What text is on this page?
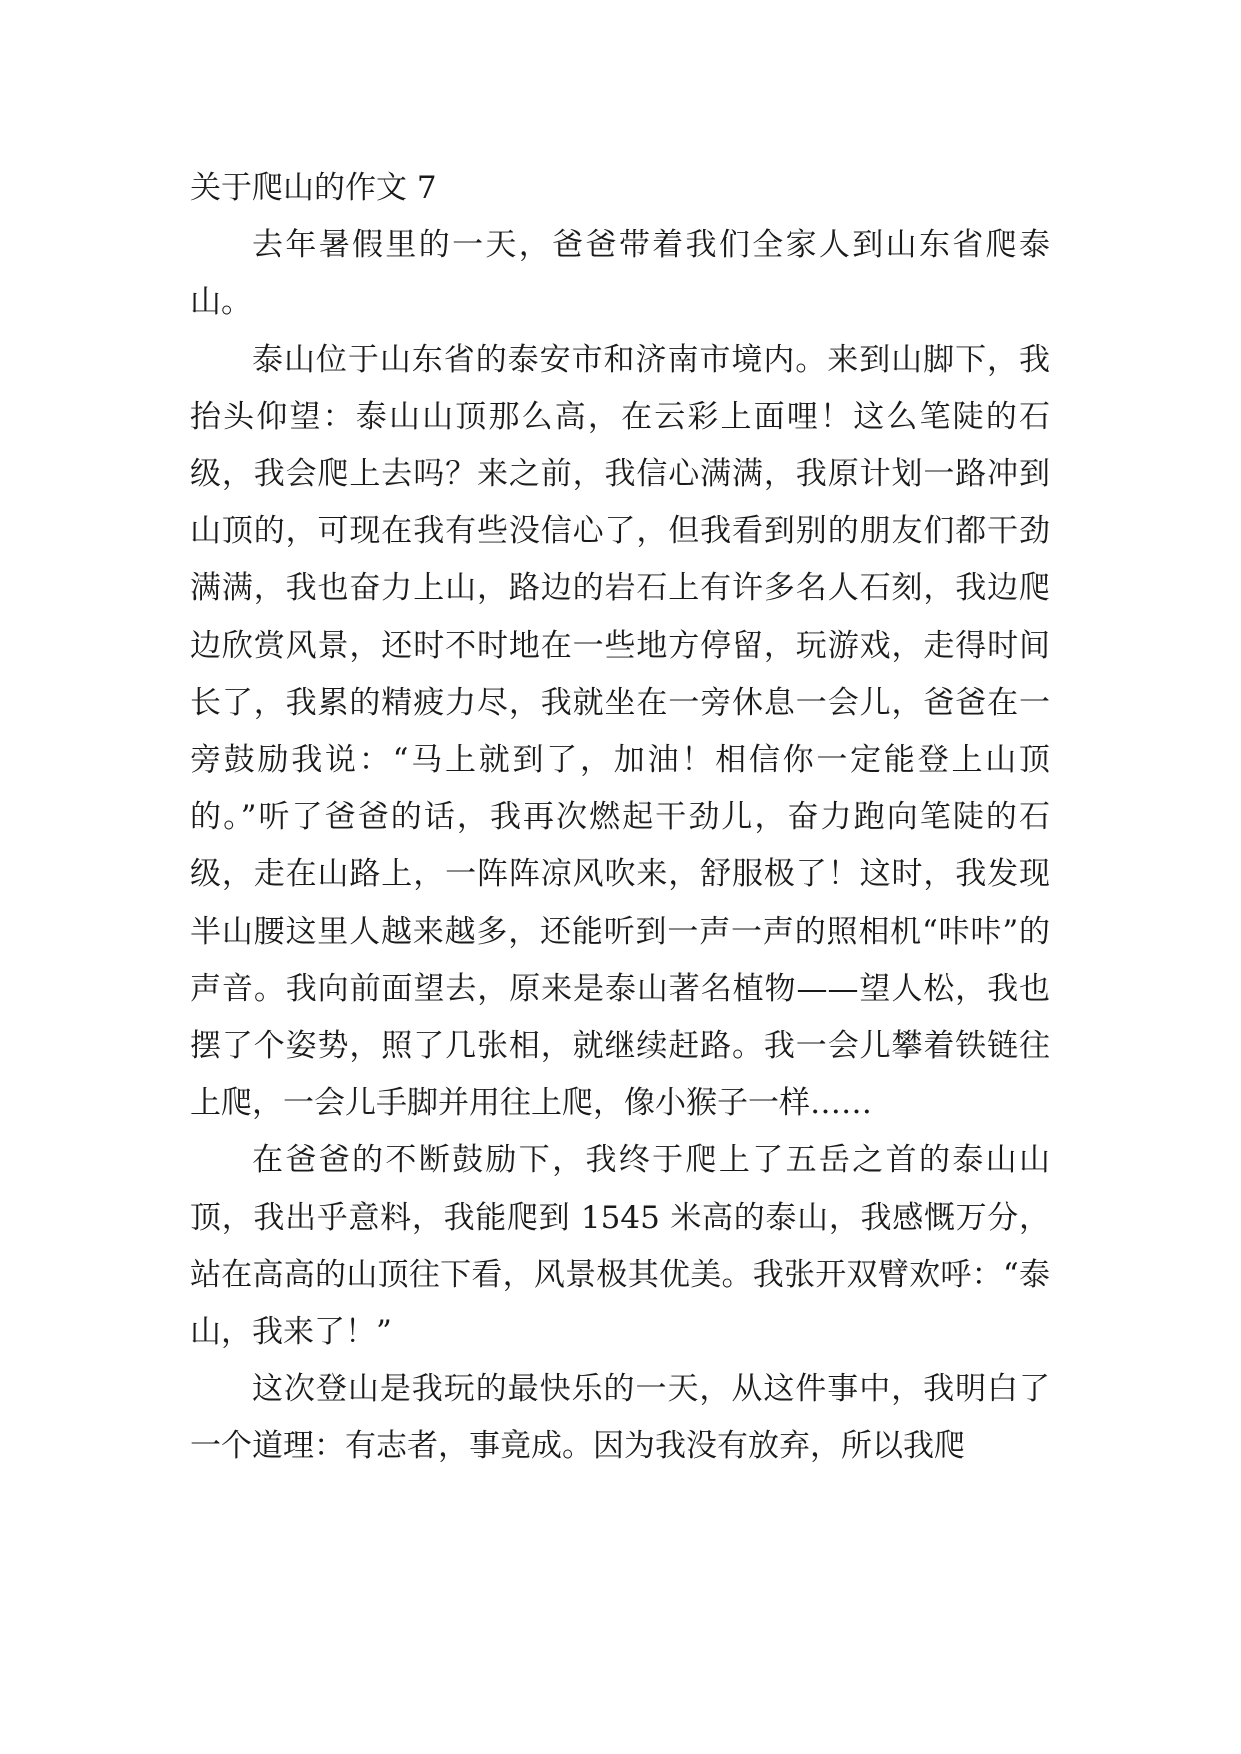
关于爬山的作文 7

去年暑假里的一天，爸爸带着我们全家人到山东省爬泰山。

泰山位于山东省的泰安市和济南市境内。来到山脚下，我抬头仰望：泰山山顶那么高，在云彩上面哩！这么笔陡的石级，我会爬上去吗？来之前，我信心满满，我原计划一路冲到山顶的，可现在我有些没信心了，但我看到别的朋友们都干劲满满，我也奋力上山，路边的岩石上有许多名人石刻，我边爬边欣赏风景，还时不时地在一些地方停留，玩游戏，走得时间长了，我累的精疲力尽，我就坐在一旁休息一会儿，爸爸在一旁鼓励我说：“马上就到了，加油！相信你一定能登上山顶的。”听了爸爸的话，我再次燃起干劲儿，奋力跑向笔陡的石级，走在山路上，一阵阵凉风吹来，舒服极了！这时，我发现半山腰这里人越来越多，还能听到一声一声的照相机“咔咔”的声音。我向前面望去，原来是泰山著名植物——望人松，我也摆了个姿势，照了几张相，就继续赶路。我一会儿攀着铁链往上爬，一会儿手脚并用往上爬，像小猴子一样……

在爸爸的不断鼓励下，我终于爬上了五岳之首的泰山山顶，我出乎意料，我能爬到 1545 米高的泰山，我感慨万分，站在高高的山顶往下看，风景极其优美。我张开双臂欢呼：“泰山，我来了！”

这次登山是我玩的最快乐的一天，从这件事中，我明白了一个道理：有志者，事竟成。因为我没有放弃，所以我爬
